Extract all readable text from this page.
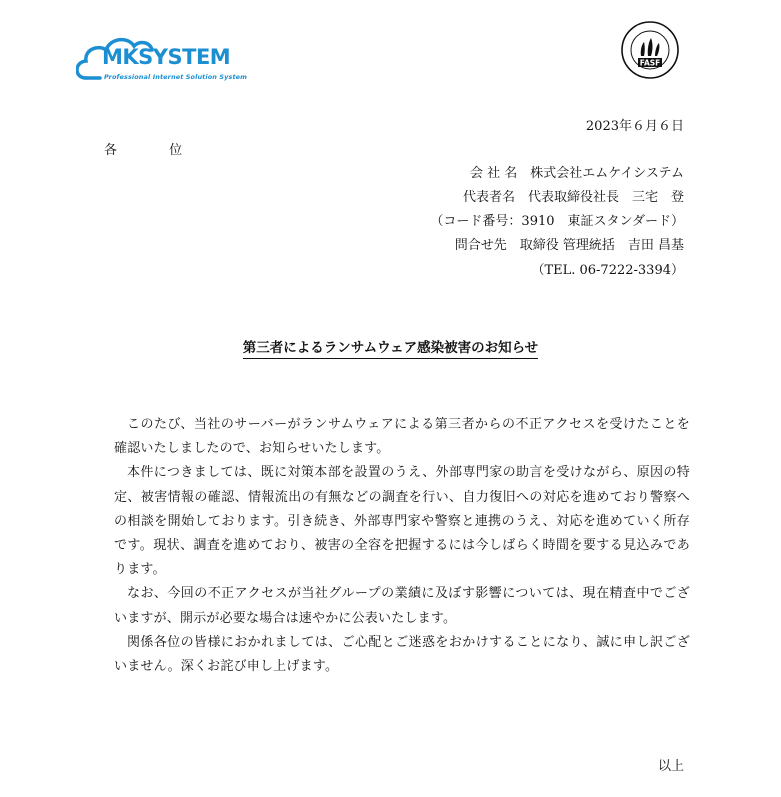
MKSYSTEM
Professional Internet Solution System
FASF
2023年６月６日
各 位
会 社 名　株式会社エムケイシステム
代表者名　代表取締役社長　三宅　登
（コード番号：3910　東証スタンダード）
問合せ先　取締役 管理統括　吉田 昌基
（TEL. 06-7222-3394）
第三者によるランサムウェア感染被害のお知らせ

このたび、当社のサーバーがランサムウェアによる第三者からの不正アクセスを受けたことを確認いたしましたので、お知らせいたします。

本件につきましては、既に対策本部を設置のうえ、外部専門家の助言を受けながら、原因の特定、被害情報の確認、情報流出の有無などの調査を行い、自力復旧への対応を進めており警察への相談を開始しております。引き続き、外部専門家や警察と連携のうえ、対応を進めていく所存です。現状、調査を進めており、被害の全容を把握するには今しばらく時間を要する見込みであります。

なお、今回の不正アクセスが当社グループの業績に及ぼす影響については、現在精査中でございますが、開示が必要な場合は速やかに公表いたします。

関係各位の皆様におかれましては、ご心配とご迷惑をおかけすることになり、誠に申し訳ございません。深くお詫び申し上げます。

以上
